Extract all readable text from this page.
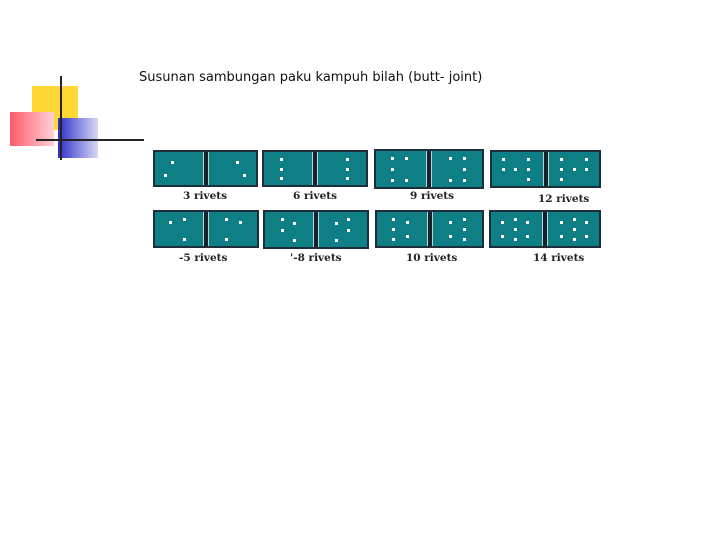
Susunan sambungan paku kampuh bilah (butt- joint)
3 rivets	6 rivets	9 rivets	12 rivets
-5 rivets	'-8 rivets	10 rivets	14 rivets
